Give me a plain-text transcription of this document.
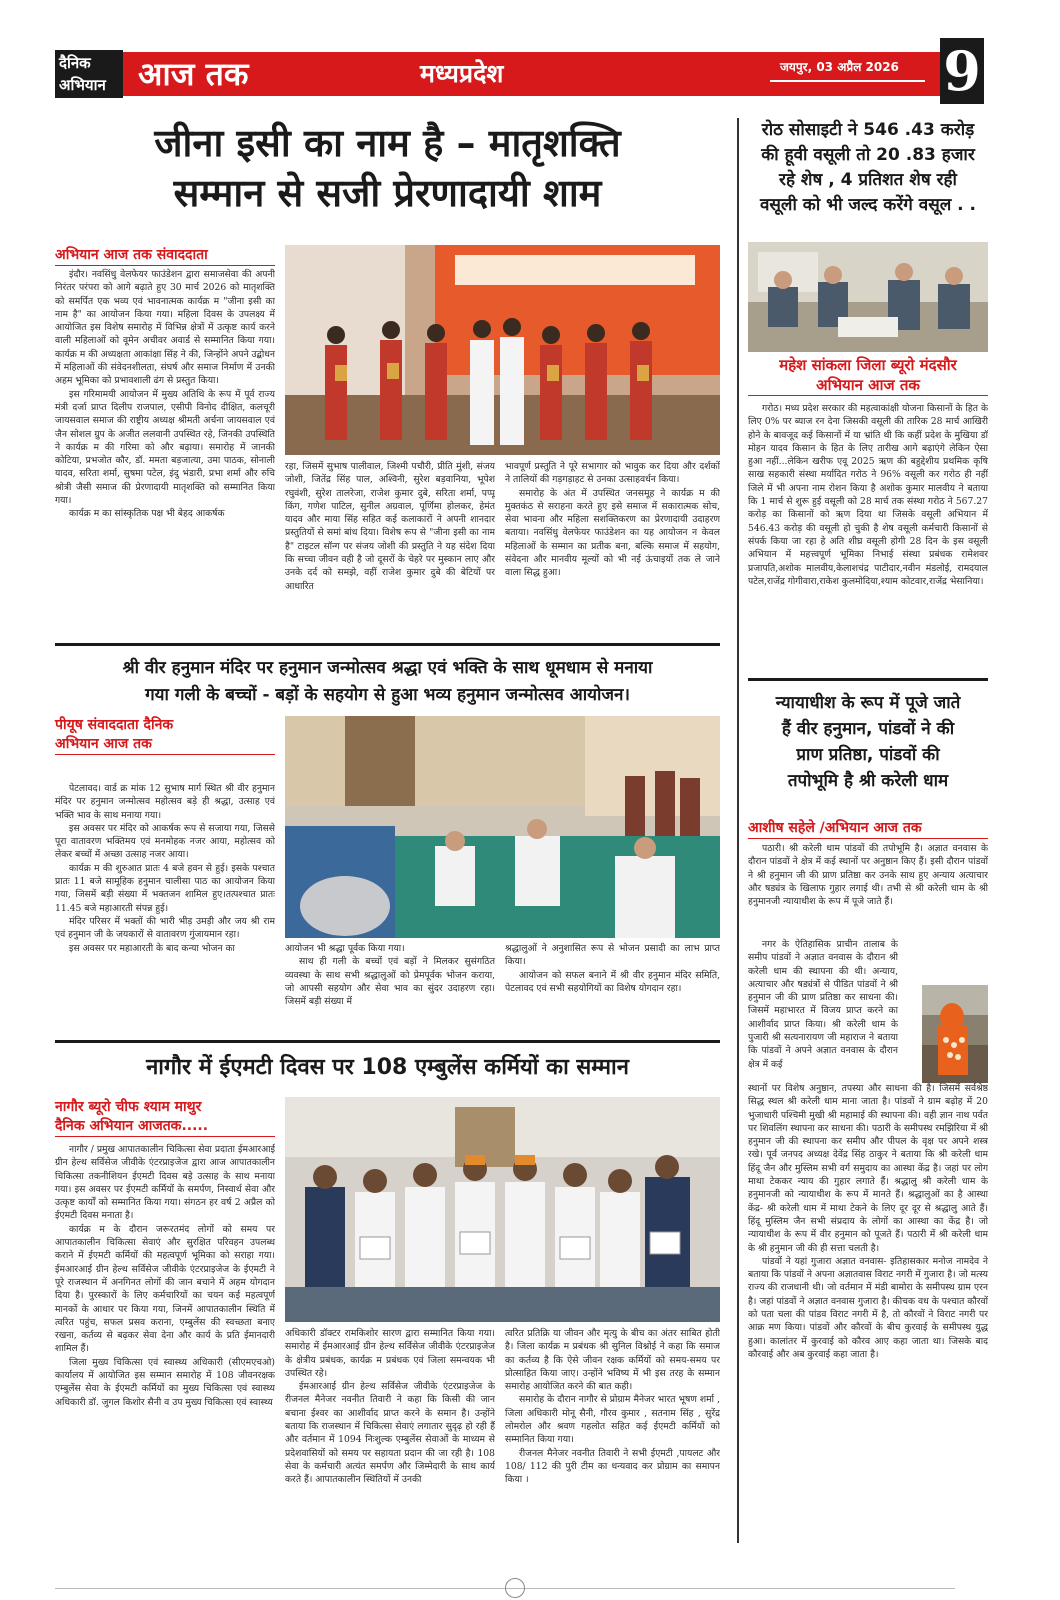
दैनिक
अभियान	आज तक	मध्यप्रदेश	जयपुर, 03 अप्रैल 2026 9
जीना इसी का नाम है – मातृशक्ति
सम्मान से सजी प्रेरणादायी शाम
अभियान आज तक संवाददाता

इंदौर। नवसिंधु वेलफेयर फाउंडेशन द्वारा समाजसेवा की अपनी निरंतर परंपरा को आगे बढ़ाते हुए 30 मार्च 2026 को मातृशक्ति को समर्पित एक भव्य एवं भावनात्मक कार्यक्र म "जीना इसी का नाम है" का आयोजन किया गया। महिला दिवस के उपलक्ष्य में आयोजित इस विशेष समारोह में विभिन्न क्षेत्रों में उत्कृष्ट कार्य करने वाली महिलाओं को वूमेन अचीवर अवार्ड से सम्मानित किया गया। कार्यक्र म की अध्यक्षता आकांक्षा सिंह ने की, जिन्होंने अपने उद्बोधन में महिलाओं की संवेदनशीलता, संघर्ष और समाज निर्माण में उनकी अहम भूमिका को प्रभावशाली ढंग से प्रस्तुत किया।

इस गरिमामयी आयोजन में मुख्य अतिथि के रूप में पूर्व राज्य मंत्री दर्जा प्राप्त दिलीप राजपाल, एसीपी विनोद दीक्षित, कलचूरी जायसवाल समाज की राष्ट्रीय अध्यक्ष श्रीमती अर्चना जायसवाल एवं जैन सोशल ग्रुप के अजीत ललवानी उपस्थित रहे, जिनकी उपस्थिति ने कार्यक्र म की गरिमा को और बढ़ाया। समारोह में जानकी कोटिया, प्रभजोत कौर, डॉ. ममता बड़जात्या, उमा पाठक, सोनाली यादव, सरिता शर्मा, सुषमा पटेल, इंदु भंडारी, प्रभा शर्मा और रुचि श्रोत्री जैसी समाज की प्रेरणादायी मातृशक्ति को सम्मानित किया गया।

कार्यक्र म का सांस्कृतिक पक्ष भी बेहद आकर्षक

रहा, जिसमें सुभाष पालीवाल, जिश्मी पचौरी, प्रीति मुंशी, संजय जोशी, जितेंद्र सिंह पाल, अश्विनी, सुरेश बड़वानिया, भूपेश रघुवंशी, सुरेश तालरेजा, राजेश कुमार दुबे, सरिता शर्मा, पप्पू किंग, गणेश पाटिल, सुनील अग्रवाल, पूर्णिमा होलकर, हेमंत यादव और माया सिंह सहित कई कलाकारों ने अपनी शानदार प्रस्तुतियों से समां बांध दिया। विशेष रूप से "जीना इसी का नाम है" टाइटल सॉन्ग पर संजय जोशी की प्रस्तुति ने यह संदेश दिया कि सच्चा जीवन वही है जो दूसरों के चेहरे पर मुस्कान लाए और उनके दर्द को समझे, वहीं राजेश कुमार दुबे की बेटियों पर आधारित

भावपूर्ण प्रस्तुति ने पूरे सभागार को भावुक कर दिया और दर्शकों ने तालियों की गड़गड़ाहट से उनका उत्साहवर्धन किया।

समारोह के अंत में उपस्थित जनसमूह ने कार्यक्र म की मुक्तकंठ से सराहना करते हुए इसे समाज में सकारात्मक सोच, सेवा भावना और महिला सशक्तिकरण का प्रेरणादायी उदाहरण बताया। नवसिंधु वेलफेयर फाउंडेशन का यह आयोजन न केवल महिलाओं के सम्मान का प्रतीक बना, बल्कि समाज में सहयोग, संवेदना और मानवीय मूल्यों को भी नई ऊंचाइयों तक ले जाने वाला सिद्ध हुआ।

रोठ सोसाइटी ने 546 .43 करोड़
की हूवी वसूली तो 20 .83 हजार
रहे शेष , 4 प्रतिशत शेष रही
वसूली को भी जल्द करेंगे वसूल . .
महेश सांकला जिला ब्यूरो मंदसौर
अभियान आज तक

गरोठ। मध्य प्रदेश सरकार की महत्वाकांक्षी योजना किसानों के हित के लिए 0% पर ब्याज रन देना जिसकी वसूली की तारिक 28 मार्च आखिरी होने के बावजूद कई किसानों में या भ्रांति थी कि कहीं प्रदेश के मुखिया डॉ मोहन यादव किसान के हित के लिए तारीख आगे बढ़ाएंगे लेकिन ऐसा हुआ नहीं...लेकिन खरीफ एवू 2025 ऋण की बहुद्देशीय प्रथमिक कृषि साख सहकारी संस्था मर्यादित गरोठ ने 96% वसूली कर गरोठ ही नहीं जिले में भी अपना नाम रोशन किया है अशोक कुमार मालवीय ने बताया कि 1 मार्च से शुरू हुई वसूली को 28 मार्च तक संस्था गरोठ ने 567.27 करोड़ का किसानों को ऋण दिया था जिसके वसूली अभियान में 546.43 करोड़ की वसूली हो चुकी है शेष वसूली कर्मचारी किसानों से संपर्क किया जा रहा हे अति शीघ्र वसूली होगी 28 दिन के इस वसूली अभियान में महत्त्वपूर्ण भूमिका निभाई संस्था प्रबंधक रामेशवर प्रजापति,अशोक मालवीय,केलाशचंद्र पाटीदार,नवीन मंडलोई, रामदयाल पटेल,राजेंद्र गोगीवारा,राकेश कुलमोदिया,श्याम कोटवार,राजेंद्र भेसानिया।

श्री वीर हनुमान मंदिर पर हनुमान जन्मोत्सव श्रद्धा एवं भक्ति के साथ धूमधाम से मनाया
गया गली के बच्चों - बड़ों के सहयोग से हुआ भव्य हनुमान जन्मोत्सव आयोजन।
पीयूष संवाददाता दैनिक
अभियान आज तक

पेटलावद। वार्ड क्र मांक 12 सुभाष मार्ग स्थित श्री वीर हनुमान मंदिर पर हनुमान जन्मोत्सव महोत्सव बड़े ही श्रद्धा, उत्साह एवं भक्ति भाव के साथ मनाया गया।

इस अवसर पर मंदिर को आकर्षक रूप से सजाया गया, जिससे पूरा वातावरण भक्तिमय एवं मनमोहक नजर आया, महोत्सव को लेकर बच्चों में अच्छा उत्साह नजर आया।

कार्यक्र म की शुरुआत प्रातः 4 बजे हवन से हुई। इसके पश्चात प्रातः 11 बजे सामूहिक हनुमान चालीसा पाठ का आयोजन किया गया, जिसमें बड़ी संख्या में भक्तजन शामिल हुए।तत्पश्चात प्रातः 11.45 बजे महाआरती संपन्न हुई।

मंदिर परिसर में भक्तों की भारी भीड़ उमड़ी और जय श्री राम एवं हनुमान जी के जयकारों से वातावरण गुंजायमान रहा।

इस अवसर पर महाआरती के बाद कन्या भोजन का	आयोजन भी श्रद्धा पूर्वक किया गया।

साथ ही गली के बच्चों एवं बड़ों ने मिलकर सुसंगठित व्यवस्था के साथ सभी श्रद्धालुओं को प्रेमपूर्वक भोजन कराया, जो आपसी सहयोग और सेवा भाव का सुंदर उदाहरण रहा। जिसमें बड़ी संख्या में

श्रद्धालुओं ने अनुशासित रूप से भोजन प्रसादी का लाभ प्राप्त किया।

आयोजन को सफल बनाने में श्री वीर हनुमान मंदिर समिति, पेटलावद एवं सभी सहयोगियों का विशेष योगदान रहा।

न्यायाधीश के रूप में पूजे जाते
हैं वीर हनुमान, पांडवों ने की
प्राण प्रतिष्ठा, पांडवों की
तपोभूमि है श्री करेली धाम
आशीष सहेले /अभियान आज तक

पठारी। श्री करेली धाम पांडवों की तपोभूमि है। अज्ञात वनवास के दौरान पांडवों ने क्षेत्र में कई स्थानों पर अनुष्ठान किए हैं। इसी दौरान पांडवों ने श्री हनुमान जी की प्राण प्रतिष्ठा कर उनके साथ हुए अन्याय अत्याचार और षड्यंत्र के खिलाफ गुहार लगाई थी। तभी से श्री करेली धाम के श्री हनुमानजी न्यायाधीश के रूप में पूजे जाते हैं।

नगर के ऐतिहासिक प्राचीन तालाब के समीप पांडवों ने अज्ञात वनवास के दौरान श्री करेली धाम की स्थापना की थी। अन्याय, अत्याचार और षड्यंत्रों से पीडित पांडवों ने श्री हनुमान जी की प्राण प्रतिष्ठा कर साधना की। जिसमें महाभारत में विजय प्राप्त करने का आशीर्वाद प्राप्त किया। श्री करेली धाम के पुजारी श्री सत्यनारायण जी महाराज ने बताया कि पांडवों ने अपने अज्ञात वनवास के दौरान क्षेत्र में कई

स्थानों पर विशेष अनुष्ठान, तपस्या और साधना की है। जिसमें सर्वश्रेष्ठ सिद्ध स्थल श्री करेली धाम माना जाता है। पांडवों ने ग्राम बढ़ोह में 20 भुजाधारी पश्चिमी मुखी श्री महामाई की स्थापना की। वही ज्ञान नाथ पर्वत पर शिवलिंग स्थापना कर साधना की। पठारी के समीपस्थ रमझिरिया में श्री हनुमान जी की स्थापना कर समीप और पीपल के वृक्ष पर अपने शस्त्र रखे। पूर्व जनपद अध्यक्ष देवेंद्र सिंह ठाकुर ने बताया कि श्री करेली धाम हिंदू जैन और मुस्लिम सभी वर्ग समुदाय का आस्था केंद्र है। जहां पर लोग माथा टेककर न्याय की गुहार लगाते हैं। श्रद्धालु श्री करेली धाम के हनुमानजी को न्यायाधीश के रूप में मानते हैं। श्रद्धालुओं का है आस्था केंद्र- श्री करेली धाम में माथा टेकने के लिए दूर दूर से श्रद्धालु आते हैं। हिंदू मुस्लिम जैन सभी संप्रदाय के लोगों का आस्था का केंद्र है। जो न्यायाधीश के रूप में वीर हनुमान को पूजते हैं। पठारी में श्री करेली धाम के श्री हनुमान जी की ही सत्ता चलती है।

पांडवों ने यहां गुजारा अज्ञात वनवास- इतिहासकार मनोज नामदेव ने बताया कि पांडवों ने अपना अज्ञातवास विराट नगरी में गुजारा है। जो मत्स्य राज्य की राजधानी थी। जो वर्तमान में मंडी बामोरा के समीपस्थ ग्राम एरन है। जहां पांडवों ने अज्ञात वनवास गुजारा है। कीचक वध के पश्चात कौरवों को पता चला की पांडव विराट नगरी में है, तो कौरवों ने विराट नगरी पर आक्र मण किया। पांडवों और कौरवों के बीच कुरवाई के समीपस्थ युद्ध हुआ। कालांतर में कुरवाई को कौरव आए कहा जाता था। जिसके बाद कौरवाई और अब कुरवाई कहा जाता है।

नागौर में ईएमटी दिवस पर 108 एम्बुलेंस कर्मियों का सम्मान
नागौर ब्यूरो चीफ श्याम माथुर
दैनिक अभियान आजतक.....

नागौर / प्रमुख आपातकालीन चिकित्सा सेवा प्रदाता ईमआरआई ग्रीन हेल्थ सर्विसेज जीवीके एंटरप्राइजेज द्वारा आज आपातकालीन चिकित्सा तकनीशियन ईएमटी दिवस बड़े उत्साह के साथ मनाया गया। इस अवसर पर ईएमटी कर्मियों के समर्पण, निस्वार्थ सेवा और उत्कृष्ट कार्यों को सम्मानित किया गया। संगठन हर वर्ष 2 अप्रैल को ईएमटी दिवस मनाता है।

कार्यक्र म के दौरान जरूरतमंद लोगों को समय पर आपातकालीन चिकित्सा सेवाएं और सुरक्षित परिवहन उपलब्ध कराने में ईएमटी कर्मियों की महत्वपूर्ण भूमिका को सराहा गया। ईमआरआई ग्रीन हेल्थ सर्विसेज जीवीके एंटरप्राइजेज के ईएमटी ने पूरे राजस्थान में अनगिनत लोगों की जान बचाने में अहम योगदान दिया है। पुरस्कारों के लिए कर्मचारियों का चयन कई महत्वपूर्ण मानकों के आधार पर किया गया, जिनमें आपातकालीन स्थिति में त्वरित पहुंच, सफल प्रसव कराना, एम्बुलेंस की स्वच्छता बनाए रखना, कर्तव्य से बढ़कर सेवा देना और कार्य के प्रति ईमानदारी शामिल हैं।

जिला मुख्य चिकित्सा एवं स्वास्थ्य अधिकारी (सीएमएचओ) कार्यालय में आयोजित इस सम्मान समारोह में 108 जीवनरक्षक एम्बुलेंस सेवा के ईएमटी कर्मियों का मुख्य चिकित्सा एवं स्वास्थ्य अधिकारी डॉ. जुगल किशोर सैनी व उप मुख्य चिकित्सा एवं स्वास्थ्य

अधिकारी डॉक्टर रामकिशोर सारण द्वारा सम्मानित किया गया। समारोह में ईमआरआई ग्रीन हेल्थ सर्विसेज जीवीके एंटरप्राइजेज के क्षेत्रीय प्रबंधक, कार्यक्र म प्रबंधक एवं जिला समन्वयक भी उपस्थित रहे।

ईमआरआई ग्रीन हेल्थ सर्विसेज जीवीके एंटरप्राइजेज के रीजनल मैनेजर नवनीत तिवारी ने कहा कि किसी की जान बचाना ईश्वर का आशीर्वाद प्राप्त करने के समान है। उन्होंने बताया कि राजस्थान में चिकित्सा सेवाएं लगातार सुदृढ़ हो रही हैं और वर्तमान में 1094 निःशुल्क एम्बुलेंस सेवाओं के माध्यम से प्रदेशवासियों को समय पर सहायता प्रदान की जा रही है। 108 सेवा के कर्मचारी अत्यंत समर्पण और जिम्मेदारी के साथ कार्य करते हैं। आपातकालीन स्थितियों में उनकी

त्वरित प्रतिक्रि या जीवन और मृत्यु के बीच का अंतर साबित होती है। जिला कार्यक्र म प्रबंधक श्री सुनिल विश्नोई ने कहा कि समाज का कर्तव्य है कि ऐसे जीवन रक्षक कर्मियों को समय-समय पर प्रोत्साहित किया जाए। उन्होंने भविष्य में भी इस तरह के सम्मान समारोह आयोजित करने की बात कही।

समारोह के दौरान नागौर से प्रोग्राम मैनेजर भारत भूषण शर्मा , जिला अधिकारी मोनू सैनी, गौरव कुमार , सतनाम सिंह , सुरेंद्र लोमरोल और श्रवण गहलोत सहित कई ईएमटी कर्मियों को सम्मानित किया गया।

रीजनल मैनेजर नवनीत तिवारी ने सभी ईएमटी ,पायलट और 108/ 112 की पुरी टीम का धन्यवाद कर प्रोग्राम का समापन किया ।
